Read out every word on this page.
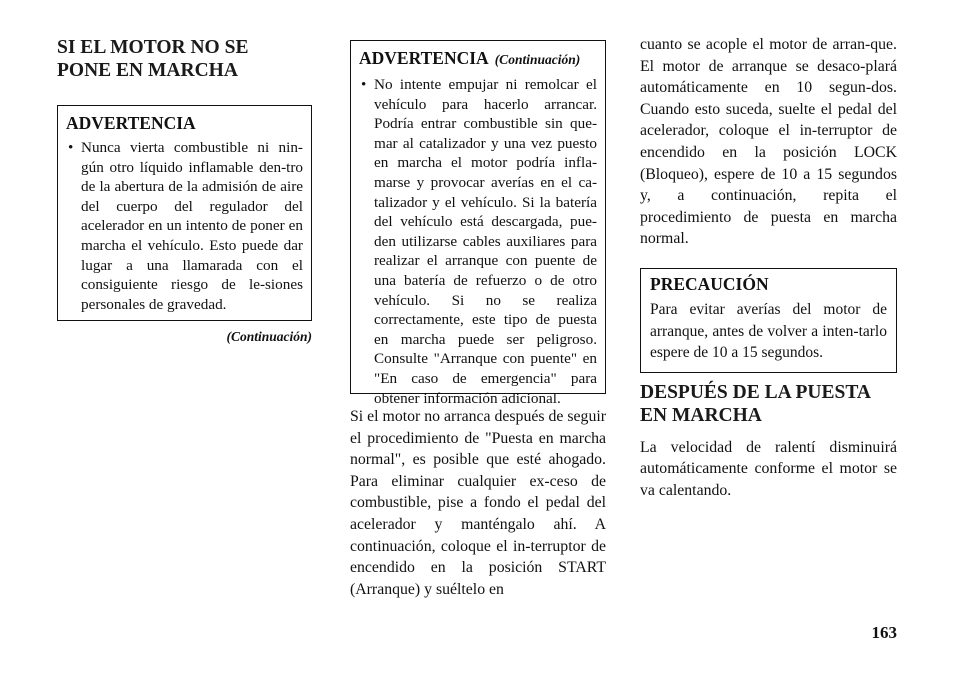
SI EL MOTOR NO SE PONE EN MARCHA
ADVERTENCIA
• Nunca vierta combustible ni nin-gún otro líquido inflamable den-tro de la abertura de la admisión de aire del cuerpo del regulador del acelerador en un intento de poner en marcha el vehículo. Esto puede dar lugar a una llamarada con el consiguiente riesgo de le-siones personales de gravedad.
(Continuación)
ADVERTENCIA (Continuación)
• No intente empujar ni remolcar el vehículo para hacerlo arrancar. Podría entrar combustible sin que-mar al catalizador y una vez puesto en marcha el motor podría infla-marse y provocar averías en el ca-talizador y el vehículo. Si la batería del vehículo está descargada, pue-den utilizarse cables auxiliares para realizar el arranque con puente de una batería de refuerzo o de otro vehículo. Si no se realiza correctamente, este tipo de puesta en marcha puede ser peligroso. Consulte "Arranque con puente" en "En caso de emergencia" para obtener información adicional.
Si el motor no arranca después de seguir el procedimiento de "Puesta en marcha normal", es posible que esté ahogado. Para eliminar cualquier ex-ceso de combustible, pise a fondo el pedal del acelerador y manténgalo ahí. A continuación, coloque el in-terruptor de encendido en la posición START (Arranque) y suéltelo en
cuanto se acople el motor de arran-que. El motor de arranque se desaco-plará automáticamente en 10 segun-dos. Cuando esto suceda, suelte el pedal del acelerador, coloque el in-terruptor de encendido en la posición LOCK (Bloqueo), espere de 10 a 15 segundos y, a continuación, repita el procedimiento de puesta en marcha normal.
PRECAUCIÓN
Para evitar averías del motor de arranque, antes de volver a inten-tarlo espere de 10 a 15 segundos.
DESPUÉS DE LA PUESTA EN MARCHA
La velocidad de ralentí disminuirá automáticamente conforme el motor se va calentando.
163
